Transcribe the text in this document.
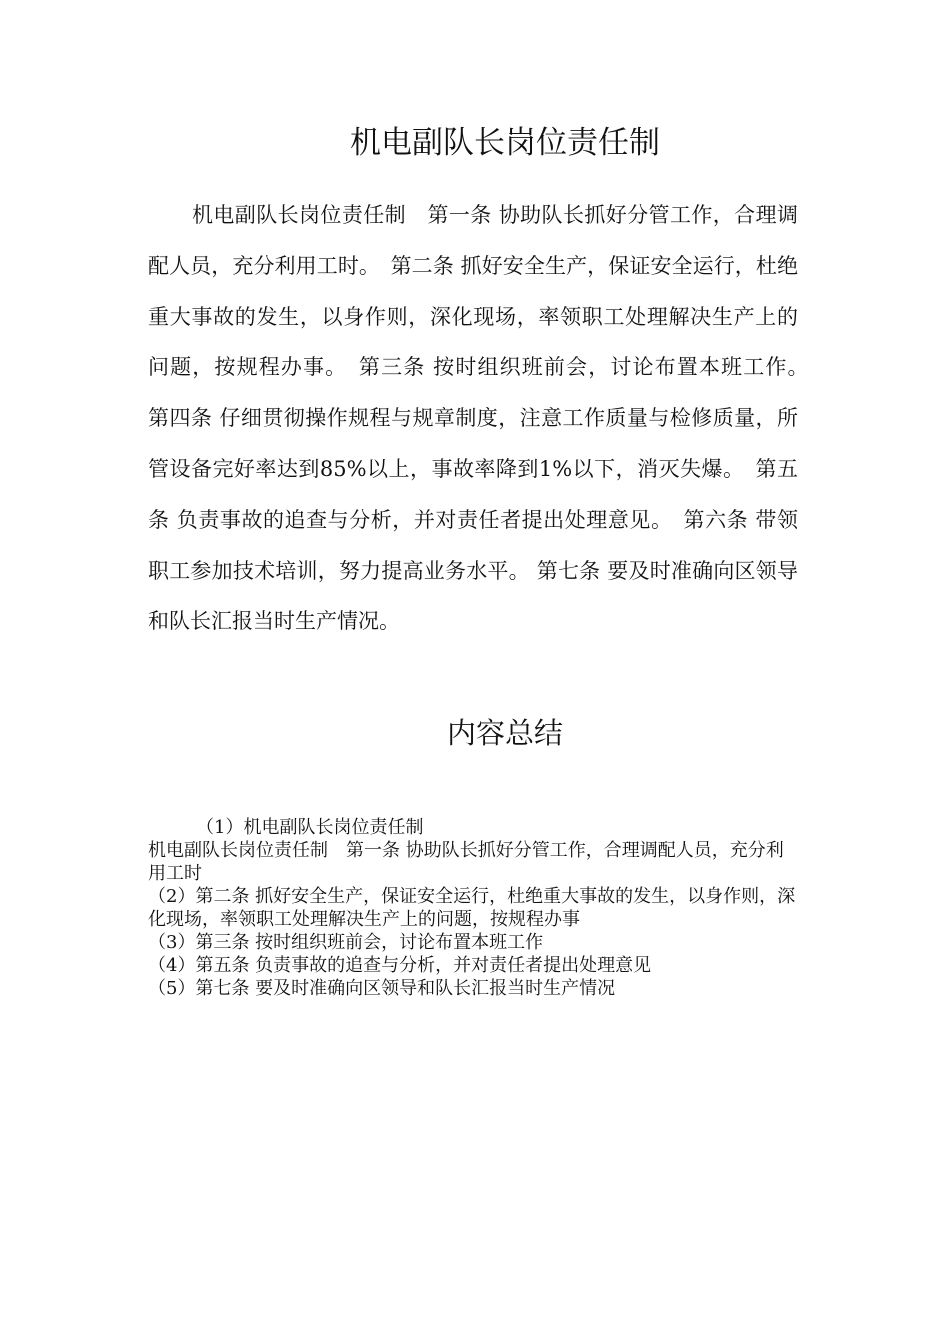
机电副队长岗位责任制

机电副队长岗位责任制　第一条 协助队长抓好分管工作，合理调配人员，充分利用工时。　第二条 抓好安全生产，保证安全运行，杜绝重大事故的发生，以身作则，深化现场，率领职工处理解决生产上的问题，按规程办事。　第三条 按时组织班前会，讨论布置本班工作。　第四条 仔细贯彻操作规程与规章制度，注意工作质量与检修质量，所管设备完好率达到85%以上，事故率降到1%以下，消灭失爆。　第五条 负责事故的追查与分析，并对责任者提出处理意见。　第六条 带领职工参加技术培训，努力提高业务水平。 第七条 要及时准确向区领导和队长汇报当时生产情况。

内容总结

（1）机电副队长岗位责任制

机电副队长岗位责任制　第一条 协助队长抓好分管工作，合理调配人员，充分利用工时

（2）第二条 抓好安全生产，保证安全运行，杜绝重大事故的发生，以身作则，深化现场，率领职工处理解决生产上的问题，按规程办事

（3）第三条 按时组织班前会，讨论布置本班工作

（4）第五条 负责事故的追查与分析，并对责任者提出处理意见

（5）第七条 要及时准确向区领导和队长汇报当时生产情况
